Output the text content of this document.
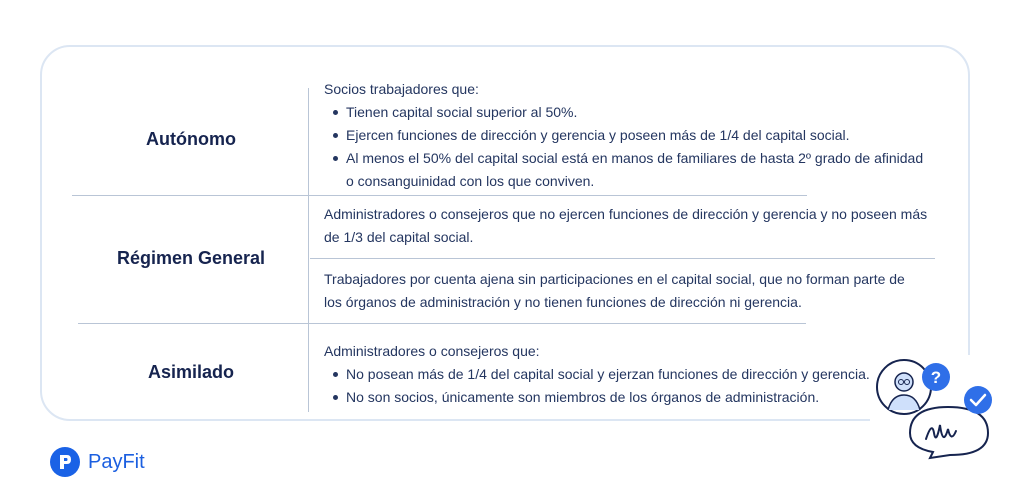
Autónomo
Régimen General
Asimilado
Socios trabajadores que:
Tienen capital social superior al 50%.
Ejercen funciones de dirección y gerencia y poseen más de 1/4 del capital social.
Al menos el 50% del capital social está en manos de familiares de hasta 2º grado de afinidad o consanguinidad con los que conviven.
Administradores o consejeros que no ejercen funciones de dirección y gerencia y no poseen más de 1/3 del capital social.
Trabajadores por cuenta ajena sin participaciones en el capital social, que no forman parte de los órganos de administración y no tienen funciones de dirección ni gerencia.
Administradores o consejeros que:
No posean más de 1/4 del capital social y ejerzan funciones de dirección y gerencia.
No son socios, únicamente son miembros de los órganos de administración.
?
PayFit
